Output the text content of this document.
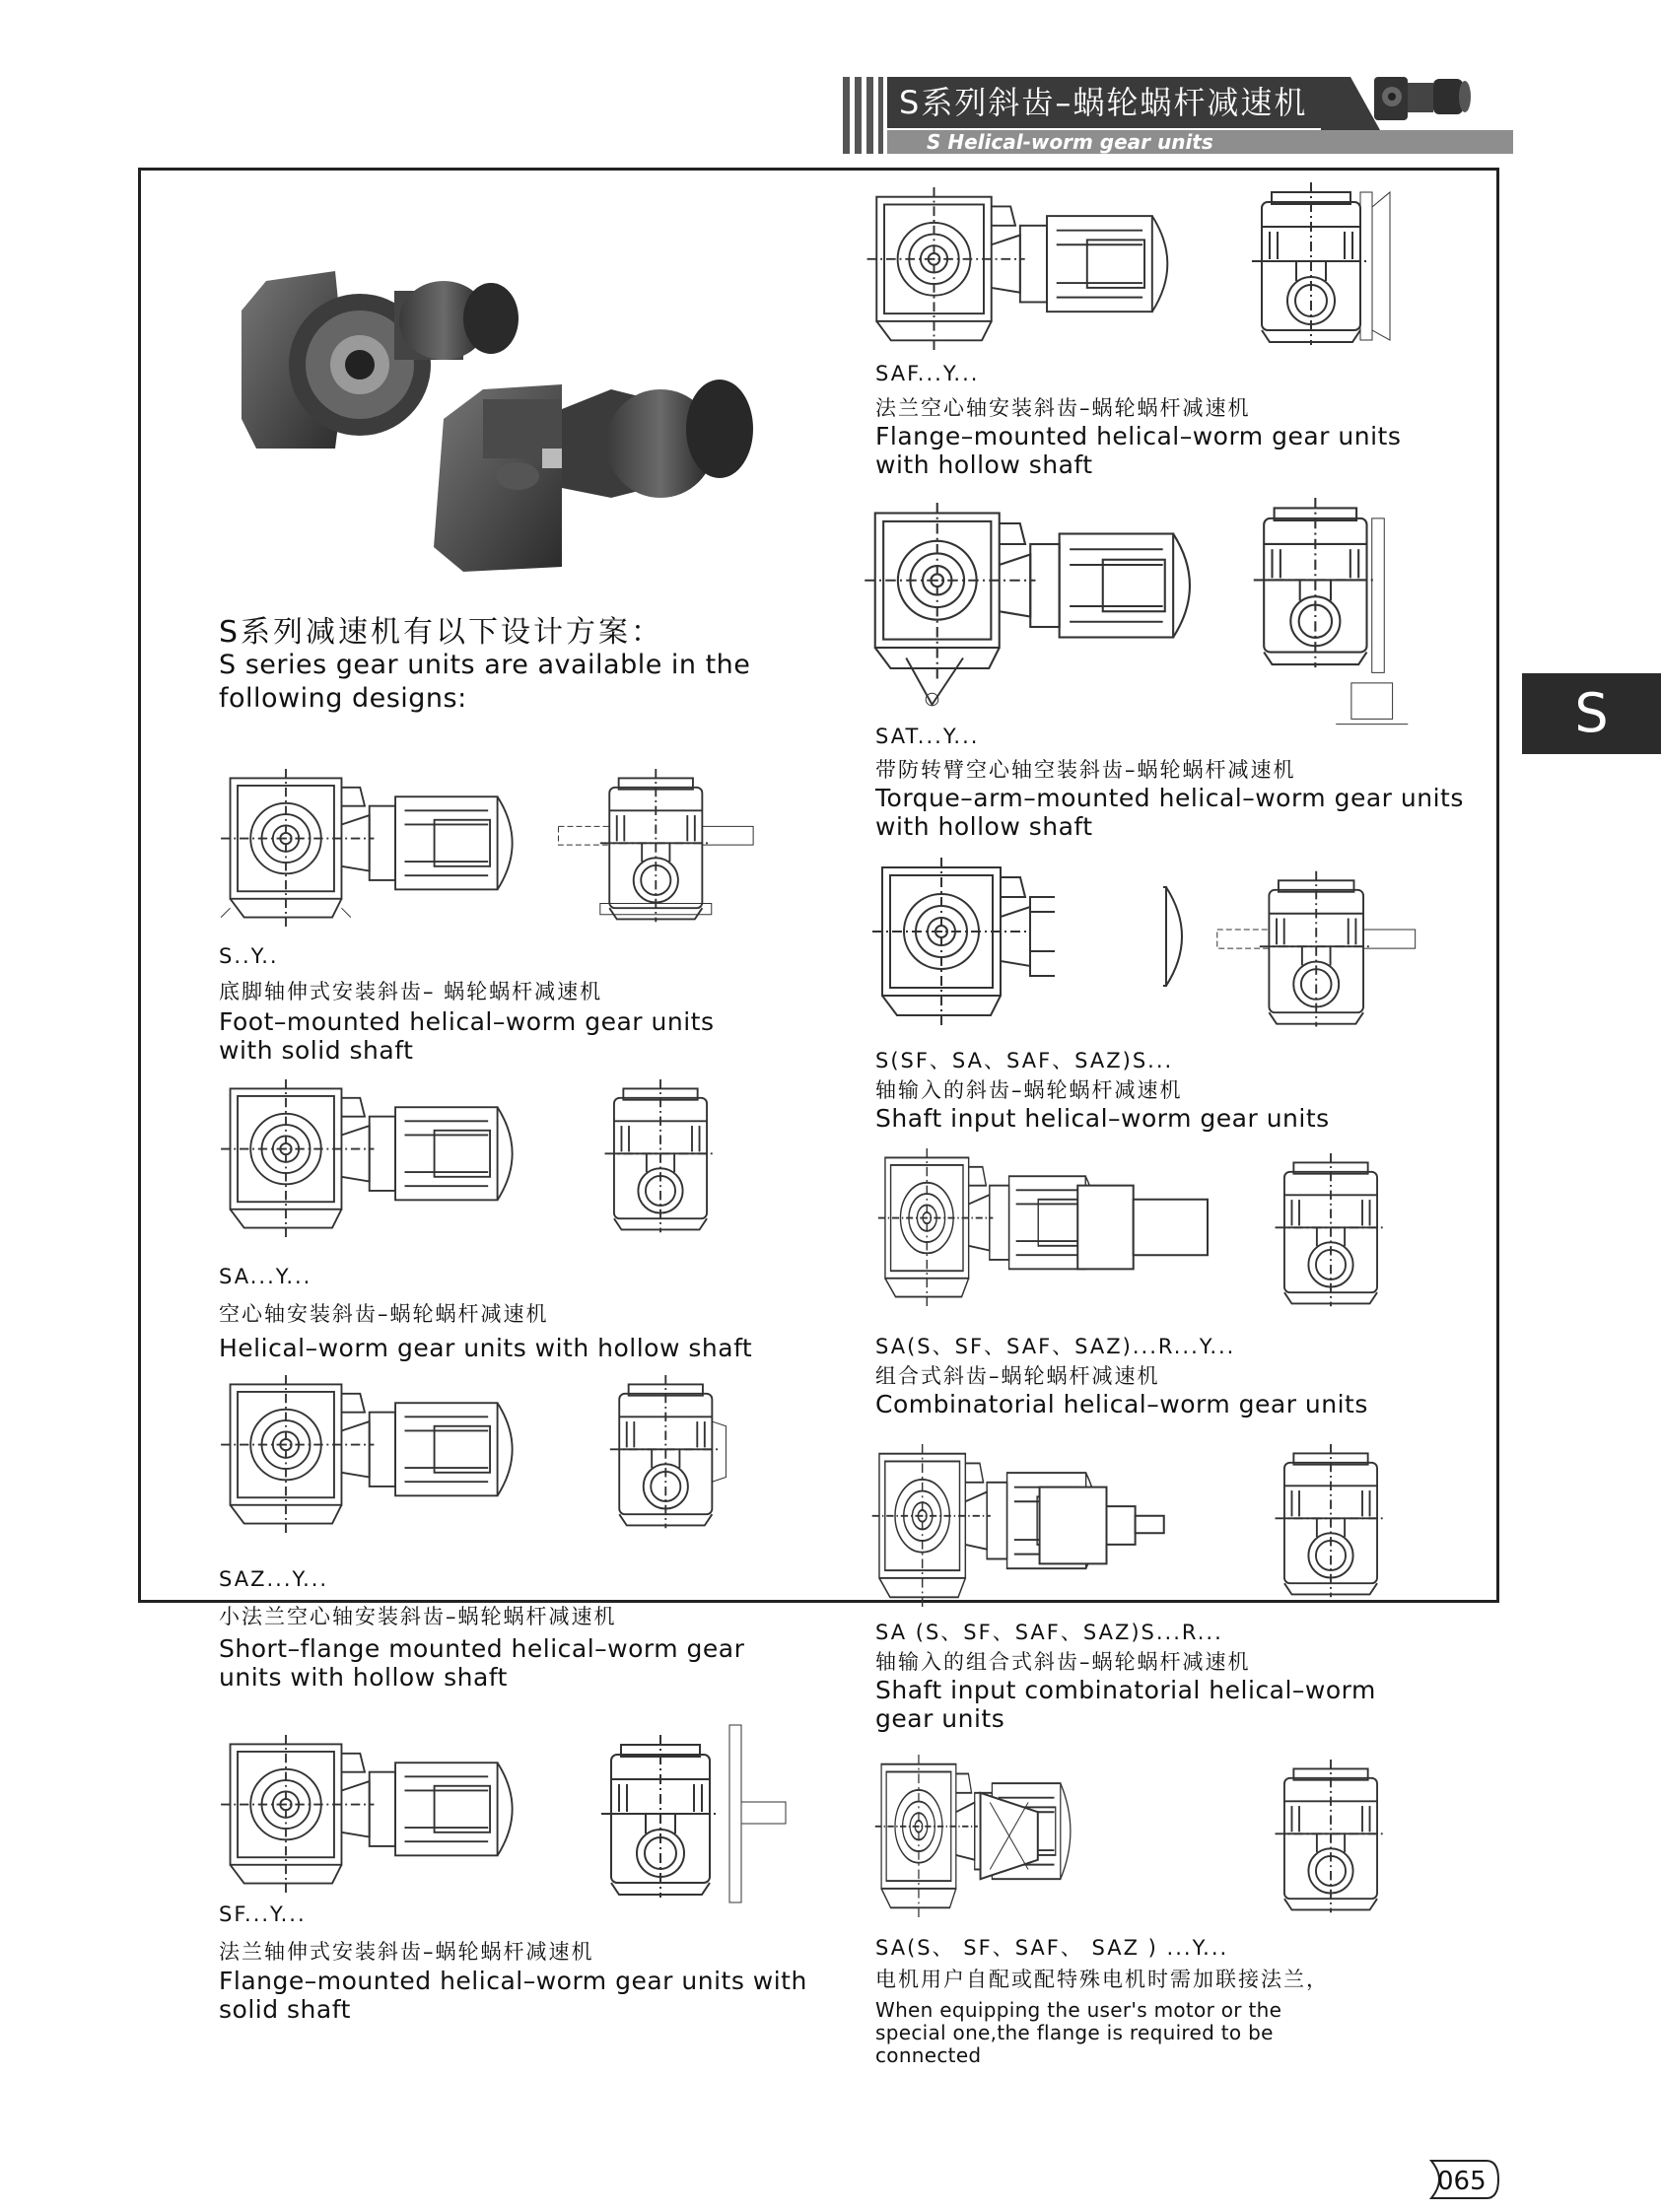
S系列斜齿–蜗轮蜗杆减速机
S Helical-worm gear units
S
065
S系列减速机有以下设计方案：
S series gear units are available in the following designs:
S..Y..
底脚轴伸式安装斜齿– 蜗轮蜗杆减速机
Foot–mounted helical–worm gear units with solid shaft
SA...Y...
空心轴安装斜齿–蜗轮蜗杆减速机
Helical–worm gear units with hollow shaft
SAZ...Y...
小法兰空心轴安装斜齿–蜗轮蜗杆减速机
Short–flange mounted helical–worm gear units with hollow shaft
SF...Y...
法兰轴伸式安装斜齿–蜗轮蜗杆减速机
Flange–mounted helical–worm gear units with solid shaft
SAF...Y...
法兰空心轴安装斜齿–蜗轮蜗杆减速机
Flange–mounted helical–worm gear units with hollow shaft
SAT...Y...
带防转臂空心轴空装斜齿–蜗轮蜗杆减速机
Torque–arm–mounted helical–worm gear units with hollow shaft
S(SF、SA、SAF、SAZ)S...
轴输入的斜齿–蜗轮蜗杆减速机
Shaft input helical–worm gear units
SA(S、SF、SAF、SAZ)...R...Y...
组合式斜齿–蜗轮蜗杆减速机
Combinatorial helical–worm gear units
SA (S、SF、SAF、SAZ)S...R...
轴输入的组合式斜齿–蜗轮蜗杆减速机
Shaft input combinatorial helical–worm gear units
SA(S、 SF、SAF、 SAZ ) ...Y...
电机用户自配或配特殊电机时需加联接法兰，
When equipping the user's motor or the special one,the flange is required to be connected
